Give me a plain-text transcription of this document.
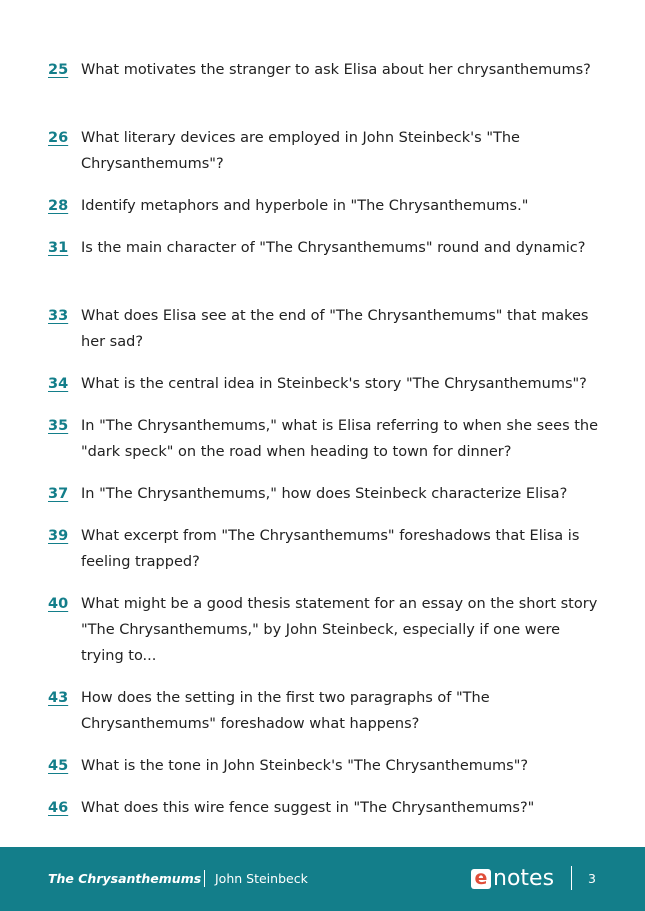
25 What motivates the stranger to ask Elisa about her chrysanthemums?
26 What literary devices are employed in John Steinbeck's "The Chrysanthemums"?
28 Identify metaphors and hyperbole in "The Chrysanthemums."
31 Is the main character of "The Chrysanthemums" round and dynamic?
33 What does Elisa see at the end of "The Chrysanthemums" that makes her sad?
34 What is the central idea in Steinbeck's story "The Chrysanthemums"?
35 In "The Chrysanthemums," what is Elisa referring to when she sees the "dark speck" on the road when heading to town for dinner?
37 In "The Chrysanthemums," how does Steinbeck characterize Elisa?
39 What excerpt from "The Chrysanthemums" foreshadows that Elisa is feeling trapped?
40 What might be a good thesis statement for an essay on the short story "The Chrysanthemums," by John Steinbeck, especially if one were trying to...
43 How does the setting in the first two paragraphs of "The Chrysanthemums" foreshadow what happens?
45 What is the tone in John Steinbeck's "The Chrysanthemums"?
46 What does this wire fence suggest in "The Chrysanthemums?"
The Chrysanthemums John Steinbeck	e notes	3
